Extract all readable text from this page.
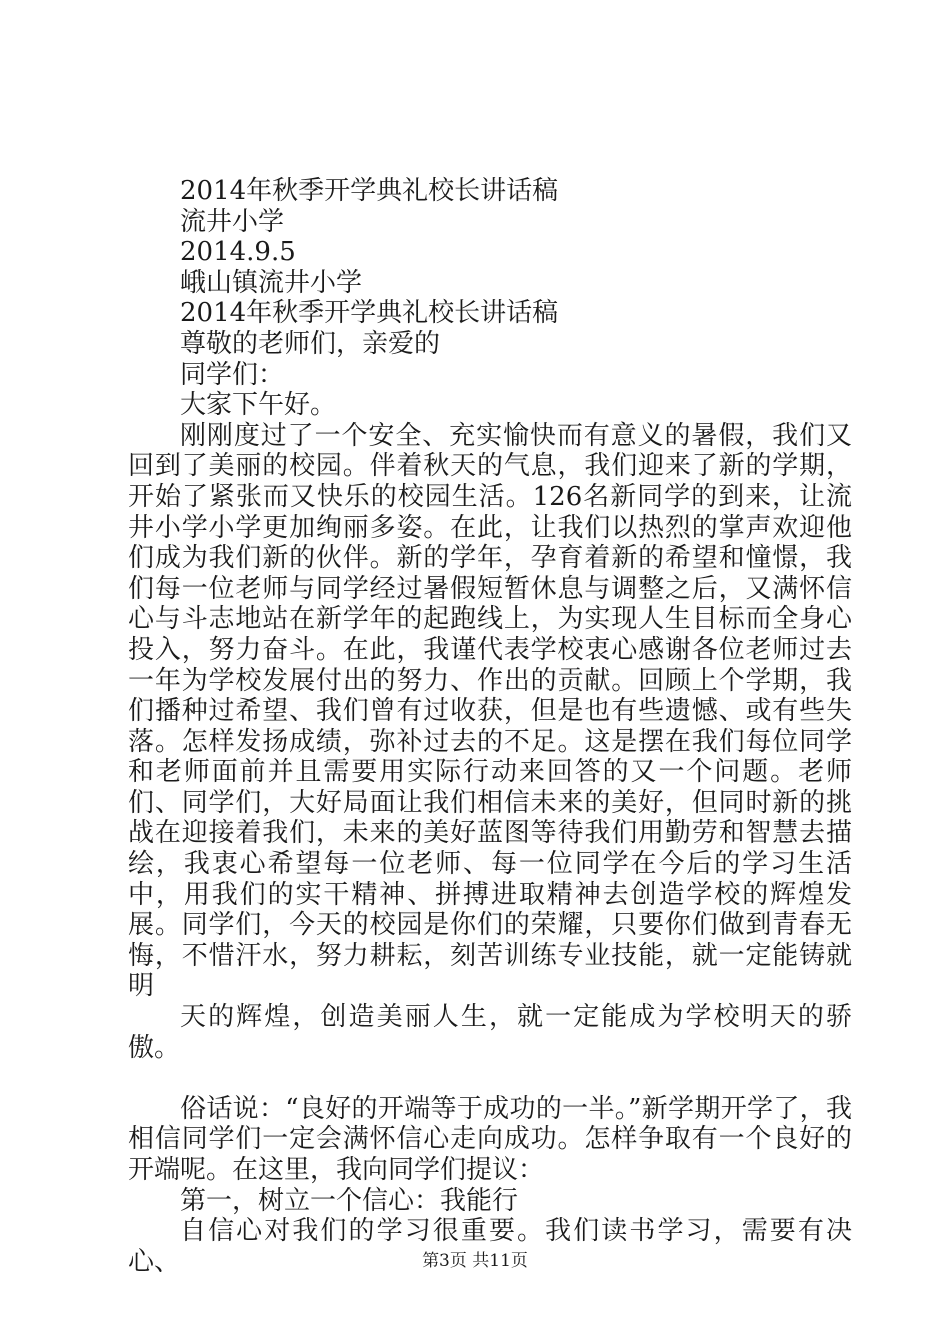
2014年秋季开学典礼校长讲话稿

流井小学

2014.9.5

峨山镇流井小学

2014年秋季开学典礼校长讲话稿

尊敬的老师们，亲爱的

同学们：

大家下午好。

刚刚度过了一个安全、充实愉快而有意义的暑假，我们又回到了美丽的校园。伴着秋天的气息，我们迎来了新的学期，开始了紧张而又快乐的校园生活。126名新同学的到来，让流井小学小学更加绚丽多姿。在此，让我们以热烈的掌声欢迎他们成为我们新的伙伴。新的学年，孕育着新的希望和憧憬，我们每一位老师与同学经过暑假短暂休息与调整之后，又满怀信心与斗志地站在新学年的起跑线上，为实现人生目标而全身心投入，努力奋斗。在此，我谨代表学校衷心感谢各位老师过去一年为学校发展付出的努力、作出的贡献。回顾上个学期，我们播种过希望、我们曾有过收获，但是也有些遗憾、或有些失落。怎样发扬成绩，弥补过去的不足。这是摆在我们每位同学和老师面前并且需要用实际行动来回答的又一个问题。老师们、同学们，大好局面让我们相信未来的美好，但同时新的挑战在迎接着我们，未来的美好蓝图等待我们用勤劳和智慧去描绘，我衷心希望每一位老师、每一位同学在今后的学习生活中，用我们的实干精神、拼搏进取精神去创造学校的辉煌发展。同学们，今天的校园是你们的荣耀，只要你们做到青春无悔，不惜汗水，努力耕耘，刻苦训练专业技能，就一定能铸就明

天的辉煌，创造美丽人生，就一定能成为学校明天的骄傲。

俗话说：“良好的开端等于成功的一半。”新学期开学了，我相信同学们一定会满怀信心走向成功。怎样争取有一个良好的开端呢。在这里，我向同学们提议：

第一，树立一个信心：我能行

自信心对我们的学习很重要。我们读书学习，需要有决心、	第3页 共11页
